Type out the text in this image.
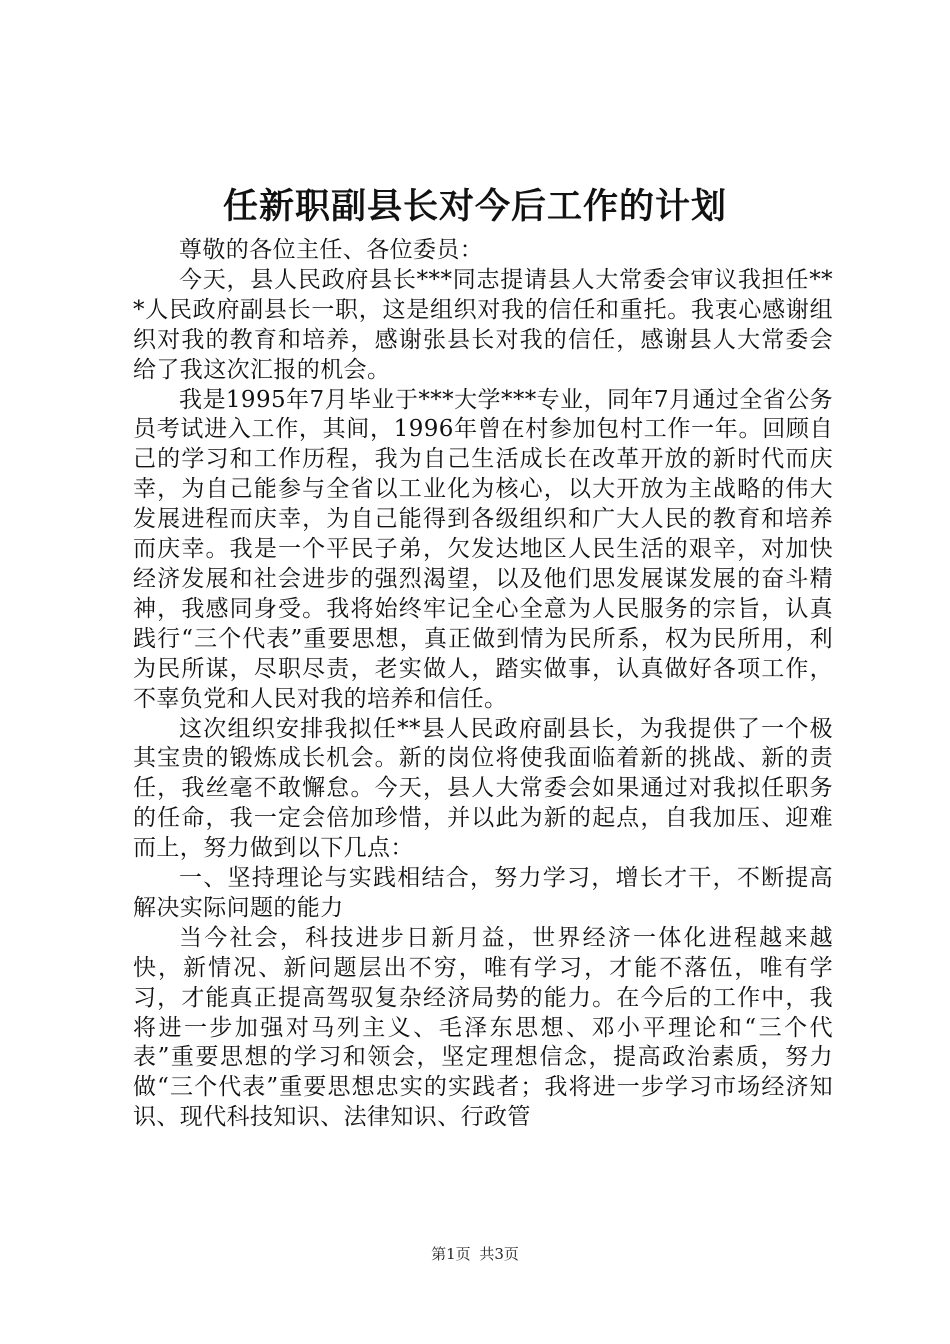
任新职副县长对今后工作的计划

尊敬的各位主任、各位委员：

今天，县人民政府县长***同志提请县人大常委会审议我担任***人民政府副县长一职，这是组织对我的信任和重托。我衷心感谢组织对我的教育和培养，感谢张县长对我的信任，感谢县人大常委会给了我这次汇报的机会。

我是1995年7月毕业于***大学***专业，同年7月通过全省公务员考试进入工作，其间，1996年曾在村参加包村工作一年。回顾自己的学习和工作历程，我为自己生活成长在改革开放的新时代而庆幸，为自己能参与全省以工业化为核心，以大开放为主战略的伟大发展进程而庆幸，为自己能得到各级组织和广大人民的教育和培养而庆幸。我是一个平民子弟，欠发达地区人民生活的艰辛，对加快经济发展和社会进步的强烈渴望，以及他们思发展谋发展的奋斗精神，我感同身受。我将始终牢记全心全意为人民服务的宗旨，认真践行“三个代表”重要思想，真正做到情为民所系，权为民所用，利为民所谋，尽职尽责，老实做人，踏实做事，认真做好各项工作，不辜负党和人民对我的培养和信任。

这次组织安排我拟任**县人民政府副县长，为我提供了一个极其宝贵的锻炼成长机会。新的岗位将使我面临着新的挑战、新的责任，我丝毫不敢懈怠。今天，县人大常委会如果通过对我拟任职务的任命，我一定会倍加珍惜，并以此为新的起点，自我加压、迎难而上，努力做到以下几点：

一、坚持理论与实践相结合，努力学习，增长才干，不断提高解决实际问题的能力

当今社会，科技进步日新月益，世界经济一体化进程越来越快，新情况、新问题层出不穷，唯有学习，才能不落伍，唯有学习，才能真正提高驾驭复杂经济局势的能力。在今后的工作中，我将进一步加强对马列主义、毛泽东思想、邓小平理论和“三个代表”重要思想的学习和领会，坚定理想信念，提高政治素质，努力做“三个代表”重要思想忠实的实践者；我将进一步学习市场经济知识、现代科技知识、法律知识、行政管

第1页 共3页
